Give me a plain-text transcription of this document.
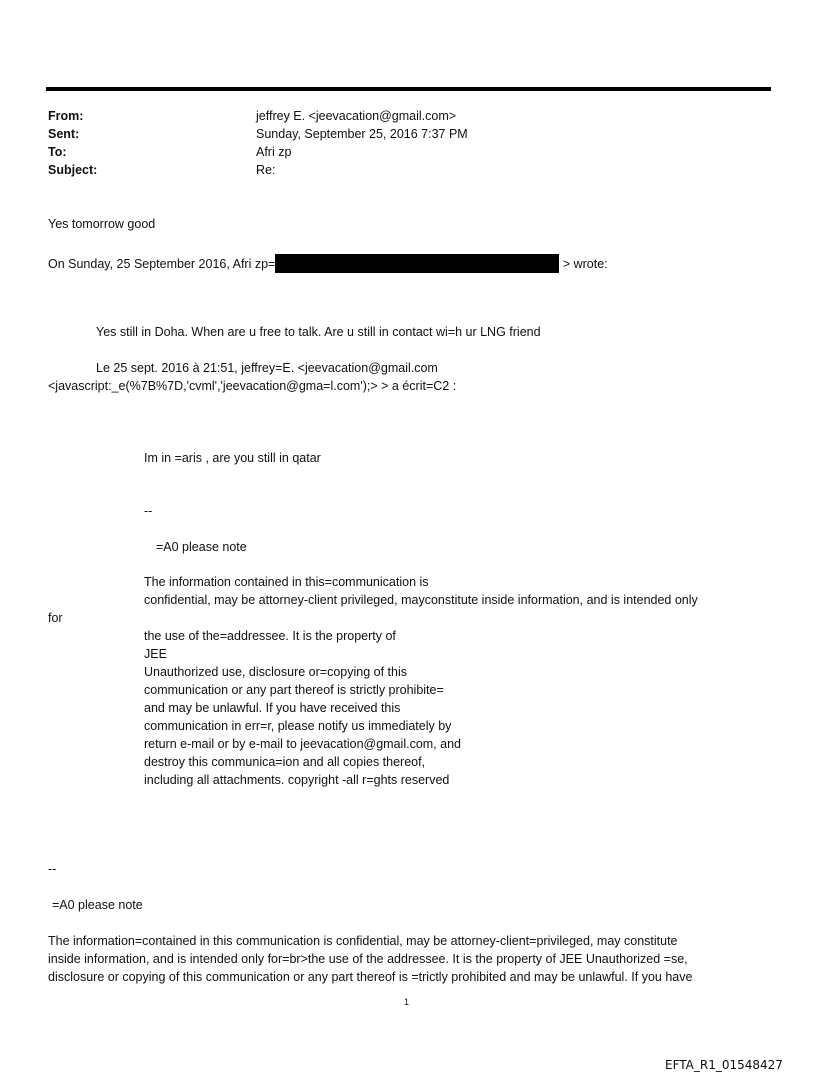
From:	jeffrey E. <jeevacation@gmail.com>
Sent:	Sunday, September 25, 2016 7:37 PM
To:	Afri zp
Subject:	Re:
Yes tomorrow good
On Sunday, 25 September 2016, Afri zp=	> wrote:
Yes still in Doha. When are u free to talk. Are u still in contact wi=h ur LNG friend
Le 25 sept. 2016 à 21:51, jeffrey=E. <jeevacation@gmail.com
<javascript:_e(%7B%7D,'cvml','jeevacation@gma=l.com');> > a écrit=C2 :
Im in =aris , are you still in qatar
--
=A0 please note
The information contained in this=communication is
confidential, may be attorney-client privileged, mayconstitute inside information, and is intended only
for
the use of the=addressee. It is the property of
JEE
Unauthorized use, disclosure or=copying of this
communication or any part thereof is strictly prohibite=
and may be unlawful. If you have received this
communication in err=r, please notify us immediately by
return e-mail or by e-mail to jeevacation@gmail.com, and
destroy this communica=ion and all copies thereof,
including all attachments. copyright -all r=ghts reserved
--
=A0 please note
The information=contained in this communication is confidential, may be attorney-client=privileged, may constitute
inside information, and is intended only for=br>the use of the addressee. It is the property of JEE Unauthorized =se,
disclosure or copying of this communication or any part thereof is =trictly prohibited and may be unlawful. If you have
1
EFTA_R1_01548427
